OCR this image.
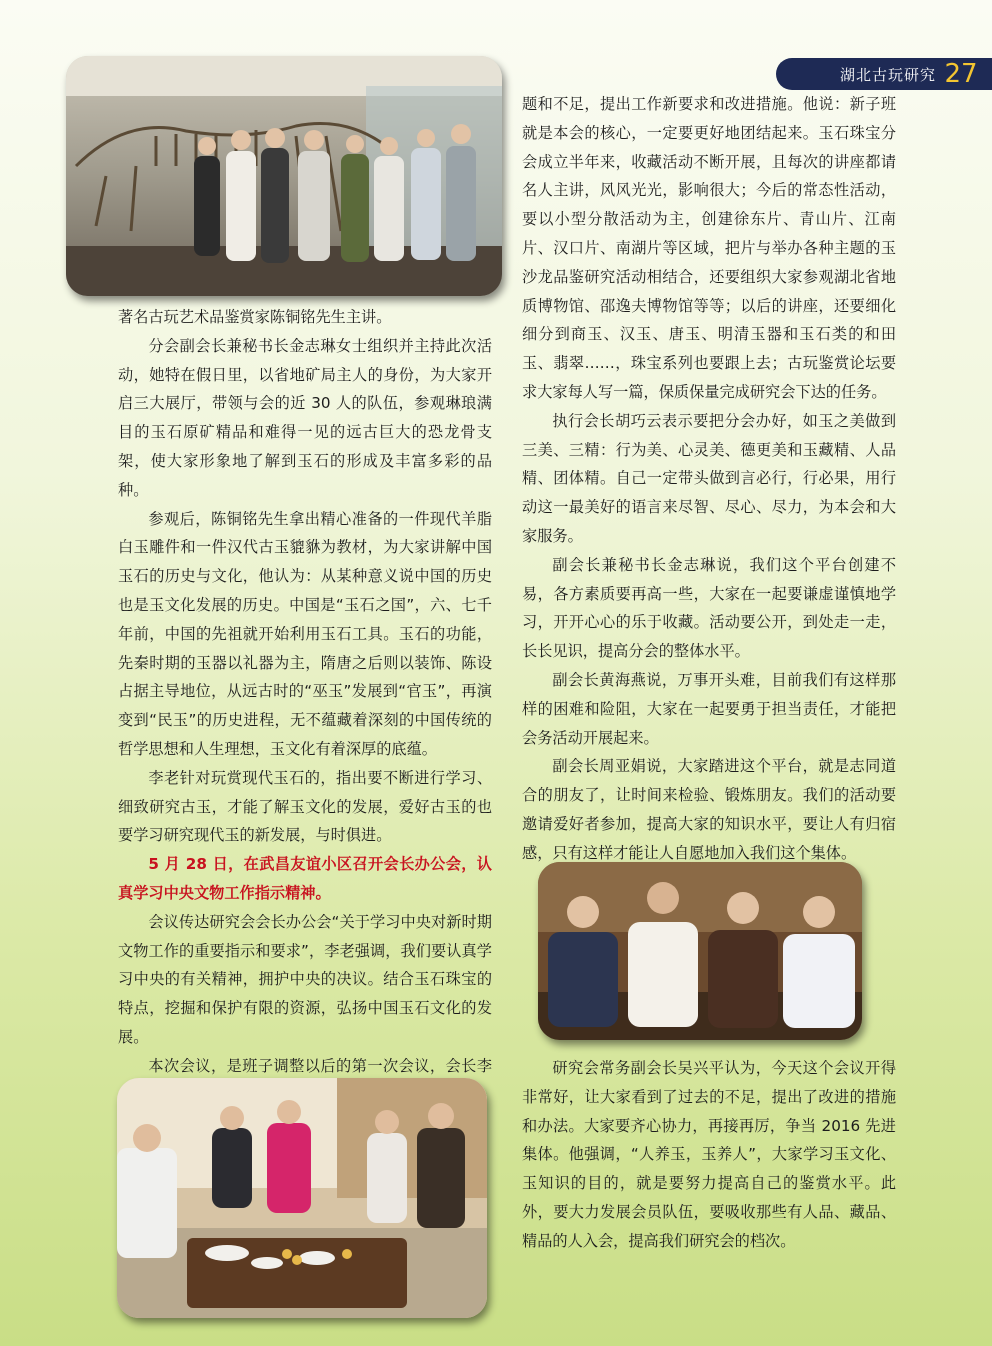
湖北古玩研究 27

著名古玩艺术品鉴赏家陈铜铭先生主讲。

分会副会长兼秘书长金志琳女士组织并主持此次活动，她特在假日里，以省地矿局主人的身份，为大家开启三大展厅，带领与会的近 30 人的队伍，参观琳琅满目的玉石原矿精品和难得一见的远古巨大的恐龙骨支架，使大家形象地了解到玉石的形成及丰富多彩的品种。

参观后，陈铜铭先生拿出精心准备的一件现代羊脂白玉雕件和一件汉代古玉貔貅为教材，为大家讲解中国玉石的历史与文化，他认为：从某种意义说中国的历史也是玉文化发展的历史。中国是“玉石之国”，六、七千年前，中国的先祖就开始利用玉石工具。玉石的功能，先秦时期的玉器以礼器为主，隋唐之后则以装饰、陈设占据主导地位，从远古时的“巫玉”发展到“官玉”，再演变到“民玉”的历史进程，无不蕴藏着深刻的中国传统的哲学思想和人生理想，玉文化有着深厚的底蕴。

李老针对玩赏现代玉石的，指出要不断进行学习、细致研究古玉，才能了解玉文化的发展，爱好古玉的也要学习研究现代玉的新发展，与时俱进。

5 月 28 日，在武昌友谊小区召开会长办公会，认真学习中央文物工作指示精神。

会议传达研究会会长办公会“关于学习中央对新时期文物工作的重要指示和要求”，李老强调，我们要认真学习中央的有关精神，拥护中央的决议。结合玉石珠宝的特点，挖掘和保护有限的资源，弘扬中国玉石文化的发展。

本次会议，是班子调整以后的第一次会议，会长李

题和不足，提出工作新要求和改进措施。他说：新子班就是本会的核心，一定要更好地团结起来。玉石珠宝分会成立半年来，收藏活动不断开展，且每次的讲座都请名人主讲，风风光光，影响很大；今后的常态性活动，要以小型分散活动为主，创建徐东片、青山片、江南片、汉口片、南湖片等区域，把片与举办各种主题的玉沙龙品鉴研究活动相结合，还要组织大家参观湖北省地质博物馆、邵逸夫博物馆等等；以后的讲座，还要细化细分到商玉、汉玉、唐玉、明清玉器和玉石类的和田玉、翡翠……，珠宝系列也要跟上去；古玩鉴赏论坛要求大家每人写一篇，保质保量完成研究会下达的任务。

执行会长胡巧云表示要把分会办好，如玉之美做到三美、三精：行为美、心灵美、德更美和玉藏精、人品精、团体精。自己一定带头做到言必行，行必果，用行动这一最美好的语言来尽智、尽心、尽力，为本会和大家服务。

副会长兼秘书长金志琳说，我们这个平台创建不易，各方素质要再高一些，大家在一起要谦虚谨慎地学习，开开心心的乐于收藏。活动要公开，到处走一走，长长见识，提高分会的整体水平。

副会长黄海燕说，万事开头难，目前我们有这样那样的困难和险阻，大家在一起要勇于担当责任，才能把会务活动开展起来。

副会长周亚娟说，大家踏进这个平台，就是志同道合的朋友了，让时间来检验、锻炼朋友。我们的活动要邀请爱好者参加，提高大家的知识水平，要让人有归宿感，只有这样才能让人自愿地加入我们这个集体。

研究会常务副会长吴兴平认为，今天这个会议开得非常好，让大家看到了过去的不足，提出了改进的措施和办法。大家要齐心协力，再接再厉，争当 2016 先进集体。他强调，“人养玉，玉养人”，大家学习玉文化、玉知识的目的，就是要努力提高自己的鉴赏水平。此外，要大力发展会员队伍，要吸收那些有人品、藏品、精品的人入会，提高我们研究会的档次。
